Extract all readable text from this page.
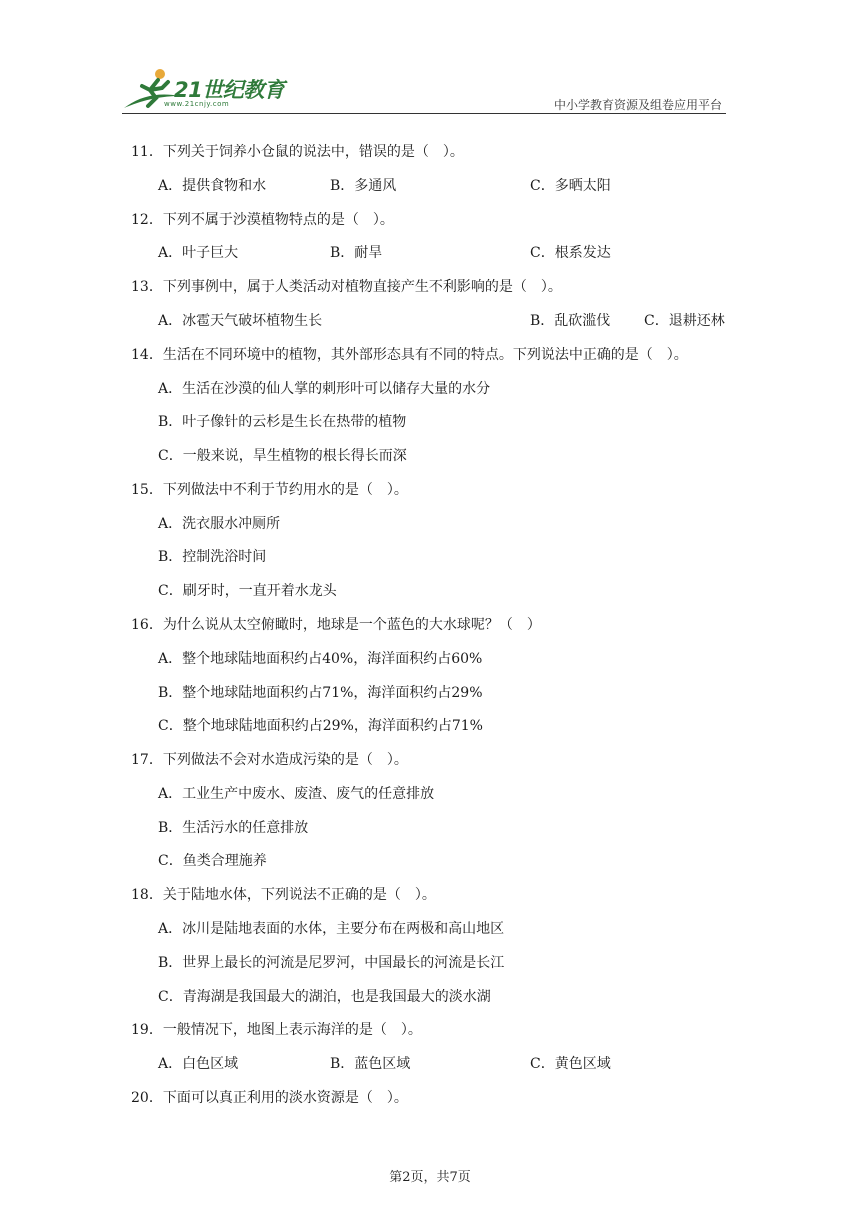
21世纪教育
www.21cnjy.com	中小学教育资源及组卷应用平台
11．下列关于饲养小仓鼠的说法中，错误的是（　）。
A．提供食物和水	B．多通风	C．多晒太阳
12．下列不属于沙漠植物特点的是（　）。
A．叶子巨大	B．耐旱	C．根系发达
13．下列事例中，属于人类活动对植物直接产生不利影响的是（　）。
A．冰雹天气破坏植物生长	B．乱砍滥伐 C．退耕还林
14．生活在不同环境中的植物，其外部形态具有不同的特点。下列说法中正确的是（　）。
A．生活在沙漠的仙人掌的刺形叶可以储存大量的水分
B．叶子像针的云杉是生长在热带的植物
C．一般来说，旱生植物的根长得长而深
15．下列做法中不利于节约用水的是（　）。
A．洗衣服水冲厕所
B．控制洗浴时间
C．刷牙时，一直开着水龙头
16．为什么说从太空俯瞰时，地球是一个蓝色的大水球呢？（　）
A．整个地球陆地面积约占40%，海洋面积约占60%
B．整个地球陆地面积约占71%，海洋面积约占29%
C．整个地球陆地面积约占29%，海洋面积约占71%
17．下列做法不会对水造成污染的是（　）。
A．工业生产中废水、废渣、废气的任意排放
B．生活污水的任意排放
C．鱼类合理施养
18．关于陆地水体，下列说法不正确的是（　）。
A．冰川是陆地表面的水体，主要分布在两极和高山地区
B．世界上最长的河流是尼罗河，中国最长的河流是长江
C．青海湖是我国最大的湖泊，也是我国最大的淡水湖
19．一般情况下，地图上表示海洋的是（　）。
A．白色区域	B．蓝色区域	C．黄色区域
20．下面可以真正利用的淡水资源是（　）。
第2页，共7页
